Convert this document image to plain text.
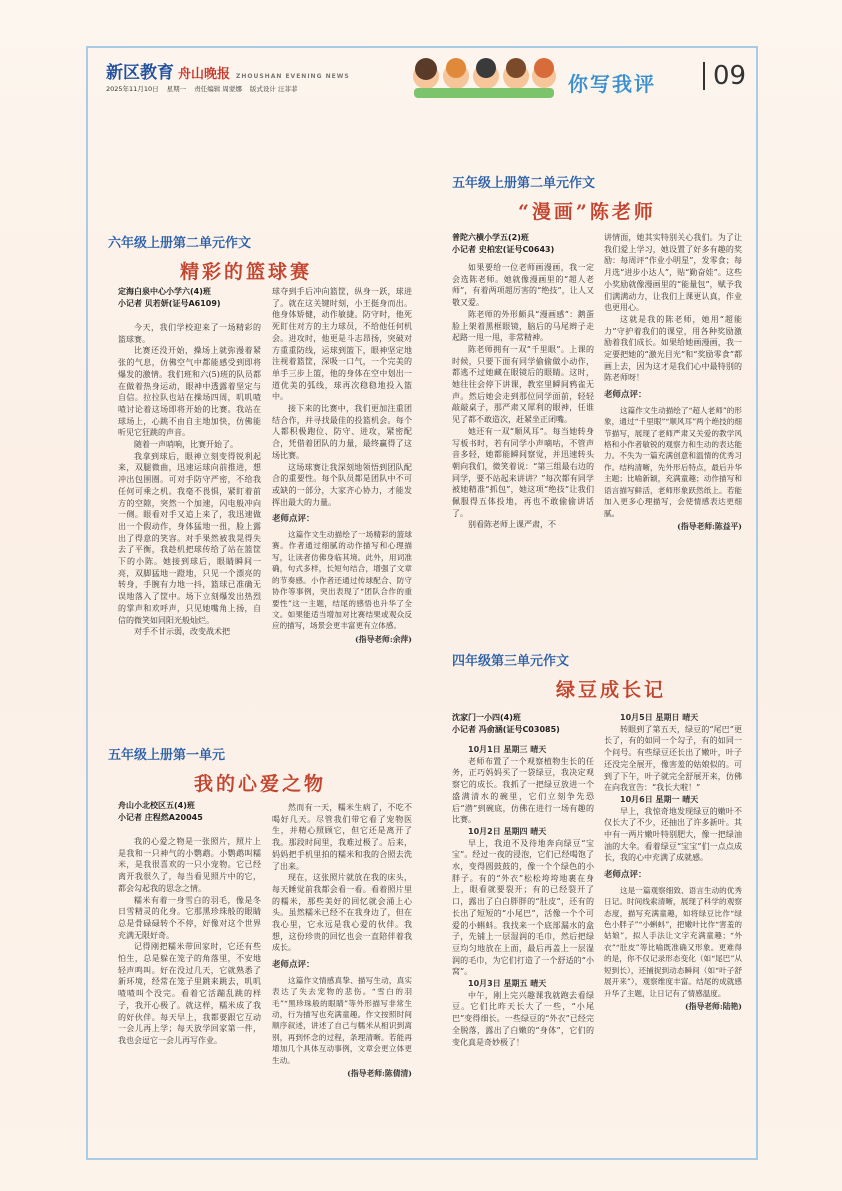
新区教育 舟山晚报 ZHOUSHAN EVENING NEWS
2025年11月10日 星期一 责任编辑 周蒙娜 版式设计 汪菲菲	你写我评	09
六年级上册第二单元作文
精彩的篮球赛
定海白泉中心小学六(4)班
小记者 贝若妍(证号A6109)

今天，我们学校迎来了一场精彩的篮球赛。

比赛还没开始，操场上就弥漫着紧张的气息，仿佛空气中都能感受到即将爆发的激情。我们班和六(5)班的队员都在做着热身运动，眼神中透露着坚定与自信。拉拉队也站在操场四周，叽叽喳喳讨论着这场即将开始的比赛。我站在球场上，心跳不由自主地加快，仿佛能听见它狂跳的声音。

随着一声哨响，比赛开始了。

我拿到球后，眼神立刻变得锐利起来，双腿微曲，迅速运球向前推进，想冲出包围圈。可对手防守严密，不给我任何可乘之机。我毫不畏惧，紧盯着前方的空隙，突然一个加速，闪电般冲向一侧。眼看对手又追上来了，我迅速做出一个假动作，身体猛地一扭，脸上露出了得意的笑容。对手果然被我晃得失去了平衡，我趁机把球传给了站在篮筐下的小陈。她接到球后，眼睛瞬间一亮，双脚猛地一蹬地，只见一个漂亮的转身，手腕有力地一抖，篮球已准确无误地落入了筐中。场下立刻爆发出热烈的掌声和欢呼声，只见她嘴角上扬，自信的微笑如同阳光般灿烂。

对手不甘示弱，改变战术把

球夺到手后冲向篮筐，纵身一跃，球进了。就在这关键时刻，小王挺身而出。他身体矫健，动作敏捷。防守时，他死死盯住对方的主力球员，不给他任何机会。进攻时，他更是斗志昂扬，突破对方重重防线，运球到篮下，眼神坚定地注视着篮筐，深吸一口气，一个完美的单手三步上篮，他的身体在空中划出一道优美的弧线，球再次稳稳地投入篮中。

接下来的比赛中，我们更加注重团结合作，并寻找最佳的投篮机会。每个人都积极跑位、防守、进攻，紧密配合，凭借着团队的力量，最终赢得了这场比赛。

这场球赛让我深刻地领悟到团队配合的重要性。每个队员都是团队中不可或缺的一部分，大家齐心协力，才能发挥出最大的力量。

老师点评：

这篇作文生动描绘了一场精彩的篮球赛。作者通过细腻的动作描写和心理描写，让读者仿佛身临其境。此外，用词准确，句式多样，长短句结合，增强了文章的节奏感。小作者还通过传球配合、防守协作等事例，突出表现了“团队合作的重要性”这一主题，结尾的感悟也升华了全文。如果能适当增加对比赛结果或观众反应的描写，场景会更丰富更有立体感。

(指导老师:余萍)
五年级上册第一单元
我的心爱之物
舟山小北校区五(4)班
小记者 庄程然A20045

我的心爱之物是一张照片，照片上是我和一只神气的小鹦鹉。小鹦鹉叫糯米，是我很喜欢的一只小宠物。它已经离开我很久了，每当看见照片中的它，都会勾起我的思念之情。

糯米有着一身雪白的羽毛，像是冬日雪精灵的化身。它那黑珍珠般的眼睛总是骨碌碌转个不停，好像对这个世界充满无限好奇。

记得刚把糯米带回家时，它还有些怕生，总是躲在笼子的角落里，不安地轻声鸣叫。好在没过几天，它就熟悉了新环境，经常在笼子里跳来跳去，叽叽喳喳叫个没完。看着它活蹦乱跳的样子，我开心极了。就这样，糯米成了我的好伙伴。每天早上，我都要跟它互动一会儿再上学；每天放学回家第一件，我也会逗它一会儿再写作业。

然而有一天，糯米生病了，不吃不喝好几天。尽管我们带它看了宠物医生，并精心照顾它，但它还是离开了我。那段时间里，我难过极了。后来，妈妈把手机里拍的糯米和我的合照去洗了出来。

现在，这张照片就放在我的床头，每天睡觉前我都会看一看。看着照片里的糯米，那些美好的回忆就会涌上心头。虽然糯米已经不在我身边了，但在我心里，它永远是我心爱的伙伴。我想，这份珍贵的回忆也会一直陪伴着我成长。

老师点评：

这篇作文情感真挚、描写生动，真实表达了失去宠物的悲伤。“雪白的羽毛”“黑珍珠般的眼睛”等外形描写非常生动，行为描写也充满童趣。作文按照时间顺序叙述，讲述了自己与糯米从相识到离别，再到怀念的过程，条理清晰。若能再增加几个具体互动事例，文章会更立体更生动。

(指导老师:陈倩清)
五年级上册第二单元作文
“漫画”陈老师
普陀六横小学五(2)班
小记者 史柏宏(证号C0643)

如果要给一位老师画漫画，我一定会选陈老师。她就像漫画里的“超人老师”，有着两项超厉害的“绝技”，让人又敬又爱。

陈老师的外形颇具“漫画感”：鹅蛋脸上架着黑框眼镜，脑后的马尾辫子走起路一甩一甩，非常精神。

陈老师拥有一双“千里眼”。上课的时候，只要下面有同学偷偷做小动作，都逃不过她藏在眼镜后的眼睛。这时，她往往会停下讲课，教室里瞬间鸦雀无声。然后她会走到那位同学面前，轻轻敲敲桌子，那严肃又犀利的眼神，任谁见了都不敢造次，赶紧坐正闭嘴。

她还有一双“顺风耳”。每当她转身写板书时，若有同学小声嘀咕，不管声音多轻，她都能瞬间察觉，并迅速转头朝向我们，微笑着说：“第三组最右边的同学，要不站起来讲讲？”每次都有同学被她精准“抓包”，她这项“绝技”让我们佩服得五体投地，再也不敢偷偷讲话了。

别看陈老师上课严肃，不

讲情面，她其实特别关心我们。为了让我们爱上学习，她设置了好多有趣的奖励：每周评“作业小明星”，发零食；每月选“进步小达人”，贴“勤奋娃”。这些小奖励就像漫画里的“能量包”，赋予我们满满动力，让我们上课更认真，作业也更用心。

这就是我的陈老师，她用“超能力”守护着我们的课堂，用各种奖励激励着我们成长。如果给她画漫画，我一定要把她的“激光目光”和“奖励零食”都画上去，因为这才是我们心中最特别的陈老师呀！

老师点评：

这篇作文生动描绘了“超人老师”的形象，通过“千里眼”“顺风耳”两个绝技的细节描写，展现了老师严肃又关爱的教学风格和小作者敏锐的观察力和生动的表达能力。不失为一篇充满创意和温情的优秀习作。结构清晰，先外形后特点，最后升华主题；比喻新颖，充满童趣；动作描写和语言描写鲜活，老师形象跃然纸上。若能加入更多心理描写，会使情感表达更细腻。

(指导老师:陈益平)
四年级第三单元作文
绿豆成长记
沈家门一小四(4)班
小记者 冯俞涵(证号C03085)
10月1日 星期三 晴天

老师布置了一个观察植物生长的任务，正巧妈妈买了一袋绿豆，我决定观察它的成长。我抓了一把绿豆放进一个盛满清水的碗里，它们立刻争先恐后“潜”到碗底，仿佛在进行一场有趣的比赛。

10月2日 星期四 晴天

早上，我迫不及待地奔向绿豆“宝宝”。经过一夜的浸泡，它们已经喝饱了水，变得圆鼓鼓的，像一个个绿色的小胖子。有的“外衣”松松垮垮地裹在身上，眼看就要裂开；有的已经裂开了口，露出了白白胖胖的“肚皮”，还有的长出了短短的“小尾巴”，活像一个个可爱的小蝌蚪。我找来一个底部漏水的盒子，先铺上一层湿润的毛巾，然后把绿豆均匀地放在上面，最后再盖上一层湿润的毛巾，为它们打造了一个舒适的“小窝”。

10月3日 星期五 晴天

中午，刚上完兴趣课我就跑去看绿豆。它们比昨天长大了一些，“小尾巴”变得细长。一些绿豆的“外衣”已经完全脱落，露出了白嫩的“身体”，它们的变化真是奇妙极了！

10月5日 星期日 晴天

转眼到了第五天，绿豆的“尾巴”更长了，有的如同一个勾子，有的如同一个问号。有些绿豆还长出了嫩叶，叶子还没完全展开，像害羞的姑娘似的。可到了下午，叶子就完全舒展开来，仿佛在向我宣告：“我长大啦！”

10月6日 星期一 晴天

早上，我惊奇地发现绿豆的嫩叶不仅长大了不少，还抽出了许多新叶。其中有一两片嫩叶特别肥大，像一把绿油油的大伞。看着绿豆“宝宝”们一点点成长，我的心中充满了成就感。

老师点评：

这是一篇观察细致、语言生动的优秀日记。时间线索清晰，展现了科学的观察态度，描写充满童趣，如将绿豆比作“绿色小胖子”“小蝌蚪”，把嫩叶比作“害羞的姑娘”，拟人手法让文字充满童趣；“外衣”“肚皮”等比喻既准确又形象。更难得的是，你不仅记录形态变化（如“尾巴”从短到长），还捕捉到动态瞬间（如“叶子舒展开来”），观察维度丰富。结尾的成就感升华了主题，让日记有了情感温度。

(指导老师:陆艳)
